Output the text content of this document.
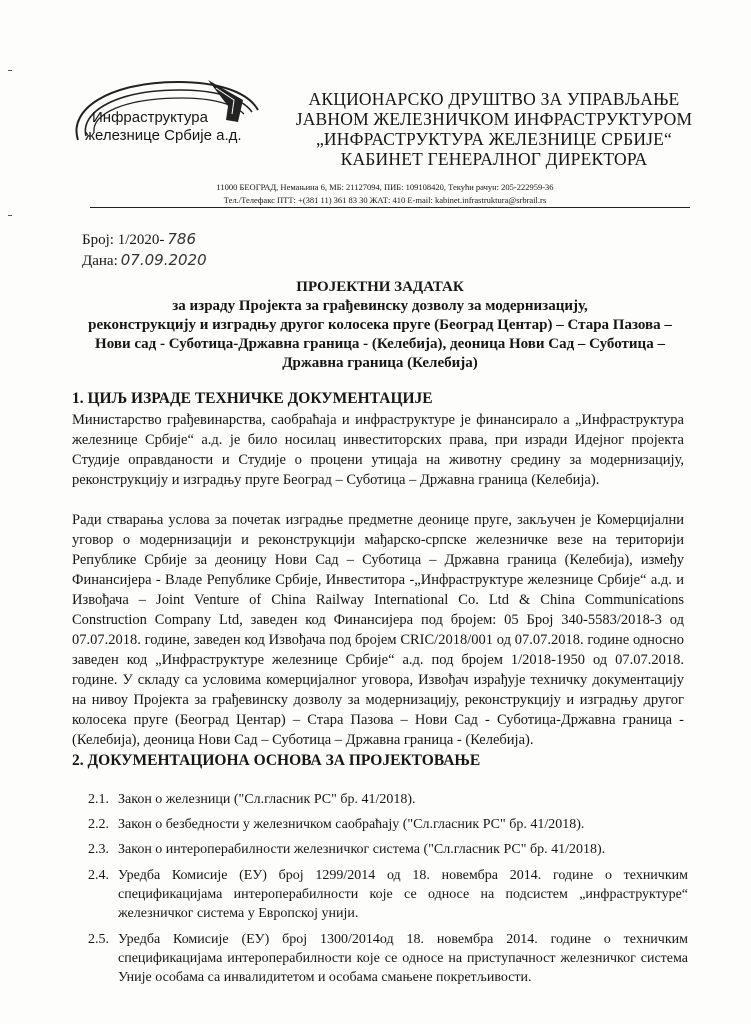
Инфраструктура
железнице Србије а.д.
АКЦИОНАРСКО ДРУШТВО ЗА УПРАВЉАЊЕ
ЈАВНОМ ЖЕЛЕЗНИЧКОМ ИНФРАСТРУКТУРОМ
„ИНФРАСТРУКТУРА ЖЕЛЕЗНИЦЕ СРБИЈЕ“
КАБИНЕТ ГЕНЕРАЛНОГ ДИРЕКТОРА
11000 БЕОГРАД, Немањина 6, МБ: 21127094, ПИБ: 109108420, Текући рачун: 205-222959-36
Тел./Телефакс ПТТ: +(381 11) 361 83 30 ЖАТ: 410 E-mail: kabinet.infrastruktura@srbrail.rs
Број: 1/2020- 786
Дана: 07.09.2020
ПРОЈЕКТНИ ЗАДАТАК
за израду Пројекта за грађевинску дозволу за модернизацију,
реконструкцију и изградњу другог колосека пруге (Београд Центар) – Стара Пазова –
Нови сад - Суботица-Државна граница - (Келебија), деоница Нови Сад – Суботица –
Државна граница (Келебија)
1. ЦИЉ ИЗРАДЕ ТЕХНИЧКЕ ДОКУМЕНТАЦИЈЕ
Министарство грађевинарства, саобраћаја и инфраструктуре је финансирало а „Инфраструктура железнице Србије“ а.д. је било носилац инвеститорских права, при изради Идејног пројекта Студије оправданости и Студије о процени утицаја на животну средину за модернизацију, реконструкцију и изградњу пруге Београд – Суботица – Државна граница (Келебија).
Ради стварања услова за почетак изградње предметне деонице пруге, закључен је Комерцијални уговор о модернизацији и реконструкцији мађарско-српске железничке везе на територији Републике Србије за деоницу Нови Сад – Суботица – Државна граница (Келебија), између Финансијера - Владе Републике Србије, Инвеститора -„Инфраструктуре железнице Србије“ а.д. и Извођача – Joint Venture of China Railway International Co. Ltd & China Communications Construction Company Ltd, заведен код Финансијера под бројем: 05 Број 340-5583/2018-3 од 07.07.2018. године, заведен код Извођача под бројем CRIC/2018/001 од 07.07.2018. године односно заведен код „Инфраструктуре железнице Србије“ а.д. под бројем 1/2018-1950 од 07.07.2018. године. У складу са условима комерцијалног уговора, Извођач израђује техничку документацију на нивоу Пројекта за грађевинску дозволу за модернизацију, реконструкцију и изградњу другог колосека пруге (Београд Центар) – Стара Пазова – Нови Сад - Суботица-Државна граница - (Келебија), деоница Нови Сад – Суботица – Државна граница - (Келебија).
2. ДОКУМЕНТАЦИОНА ОСНОВА ЗА ПРОЈЕКТОВАЊЕ
2.1. Закон о железници ("Сл.гласник РС" бр. 41/2018).
2.2. Закон о безбедности у железничком саобраћају ("Сл.гласник РС" бр. 41/2018).
2.3. Закон о интероперабилности железничког система ("Сл.гласник РС" бр. 41/2018).
2.4. Уредба Комисије (ЕУ) број 1299/2014 од 18. новембра 2014. године о техничким спецификацијама интероперабилности које се односе на подсистем „инфраструктуре“ железничког система у Европској унији.
2.5. Уредба Комисије (ЕУ) број 1300/2014од 18. новембра 2014. године о техничким спецификацијама интероперабилности које се односе на приступачност железничког система Уније особама са инвалидитетом и особама смањене покретљивости.
